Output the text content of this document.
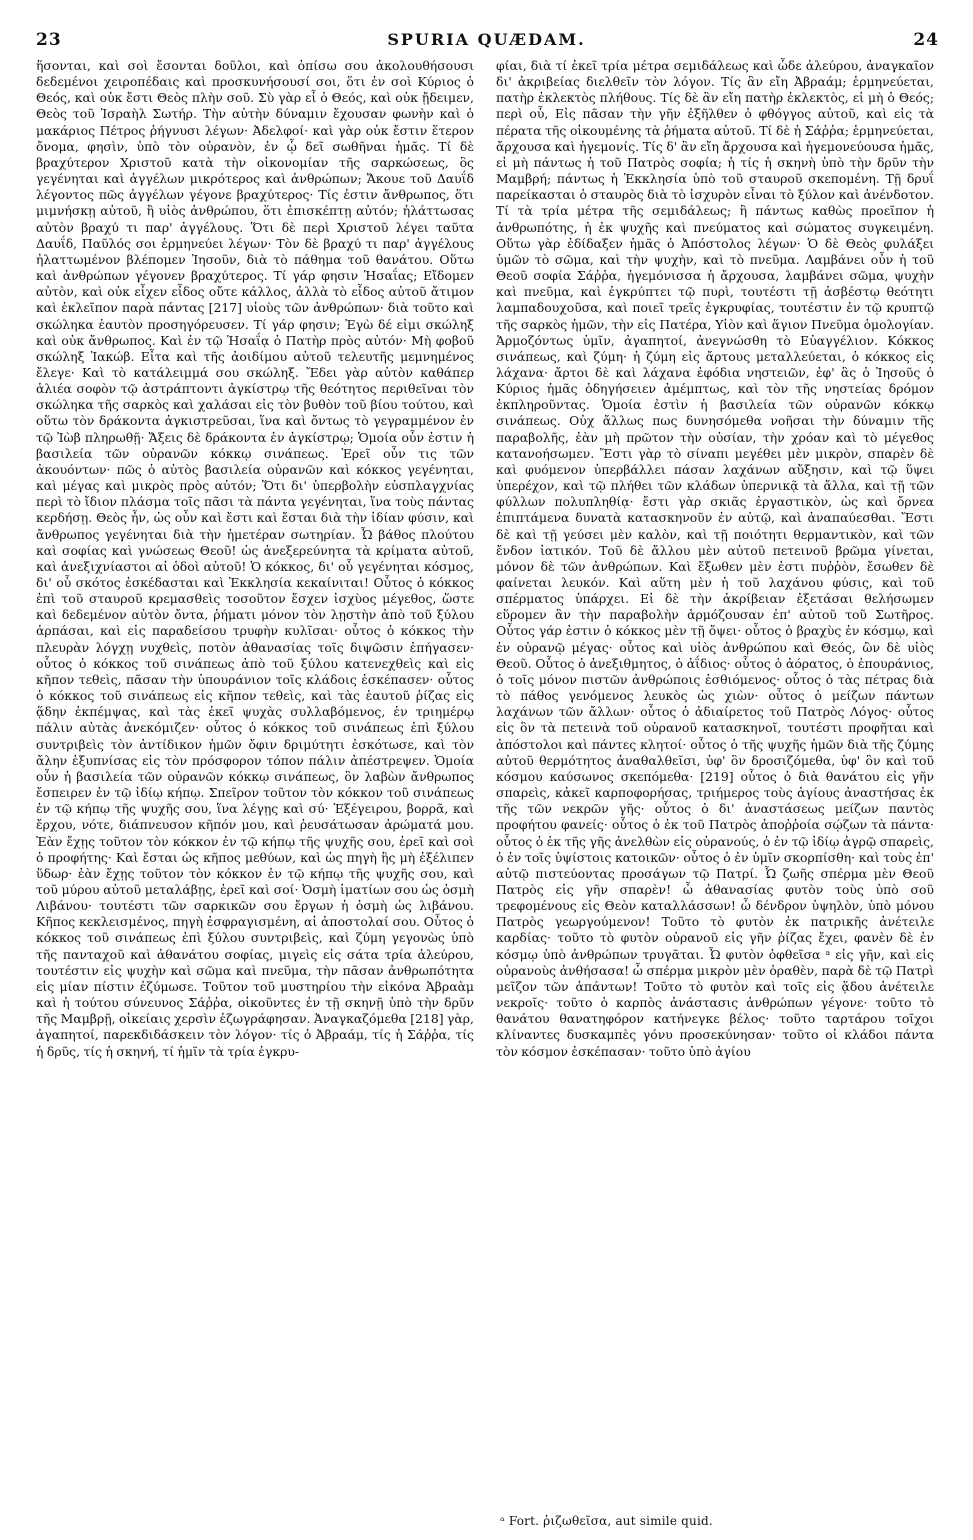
23	SPURIA QUÆDAM.	24

ἥσονται, καὶ σοὶ ἔσονται δοῦλοι, καὶ ὀπίσω σου ἀκολουθήσουσι δεδεμένοι χειροπέδαις καὶ προσκυνήσουσί σοι, ὅτι ἐν σοὶ Κύριος ὁ Θεός, καὶ οὐκ ἔστι Θεὸς πλὴν σοῦ. Σὺ γὰρ εἶ ὁ Θεός, καὶ οὐκ ᾔδειμεν, Θεὸς τοῦ Ἰσραὴλ Σωτήρ. Τὴν αὐτὴν δύναμιν ἔχουσαν φωνὴν καὶ ὁ μακάριος Πέτρος ῥήγνυσι λέγων· Ἀδελφοί· καὶ γὰρ οὐκ ἔστιν ἕτερον ὄνομα, φησὶν, ὑπὸ τὸν οὐρανὸν, ἐν ᾧ δεῖ σωθῆναι ἡμᾶς. Τί δὲ βραχύτερον Χριστοῦ κατὰ τὴν οἰκονομίαν τῆς σαρκώσεως, ὃς γεγένηται καὶ ἀγγέλων μικρότερος καὶ ἀνθρώπων; Ἄκουε τοῦ Δαυΐδ λέγοντος πῶς ἀγγέλων γέγονε βραχύτερος· Τίς ἐστιν ἄνθρωπος, ὅτι μιμνήσκῃ αὐτοῦ, ἢ υἱὸς ἀνθρώπου, ὅτι ἐπισκέπτῃ αὐτόν; ἠλάττωσας αὐτὸν βραχύ τι παρ' ἀγγέλους. Ὅτι δὲ περὶ Χριστοῦ λέγει ταῦτα Δαυΐδ, Παῦλός σοι ἑρμηνεύει λέγων· Τὸν δὲ βραχύ τι παρ' ἀγγέλους ἠλαττωμένον βλέπομεν Ἰησοῦν, διὰ τὸ πάθημα τοῦ θανάτου. Οὕτω καὶ ἀνθρώπων γέγονεν βραχύτερος. Τί γάρ φησιν Ἡσαΐας; Εἴδομεν αὐτὸν, καὶ οὐκ εἶχεν εἶδος οὔτε κάλλος, ἀλλὰ τὸ εἶδος αὐτοῦ ἄτιμον καὶ ἐκλεῖπον παρὰ πάντας [217] υἱοὺς τῶν ἀνθρώπων· διὰ τοῦτο καὶ σκώληκα ἑαυτὸν προσηγόρευσεν. Τί γάρ φησιν; Ἐγὼ δέ εἰμι σκώληξ καὶ οὐκ ἄνθρωπος. Καὶ ἐν τῷ Ἡσαΐᾳ ὁ Πατὴρ πρὸς αὐτόν· Μὴ φοβοῦ σκώληξ Ἰακώβ. Εἶτα καὶ τῆς ἀοιδίμου αὐτοῦ τελευτῆς μεμνημένος ἔλεγε· Καὶ τὸ κατάλειμμά σου σκώληξ. Ἔδει γὰρ αὐτὸν καθάπερ ἁλιέα σοφὸν τῷ ἀστράπτοντι ἀγκίστρῳ τῆς θεότητος περιθεῖναι τὸν σκώληκα τῆς σαρκὸς καὶ χαλάσαι εἰς τὸν βυθὸν τοῦ βίου τούτου, καὶ οὕτω τὸν δράκοντα ἀγκιστρεῦσαι, ἵνα καὶ ὄντως τὸ γεγραμμένον ἐν τῷ Ἰὼβ πληρωθῇ· Ἄξεις δὲ δράκοντα ἐν ἀγκίστρῳ; Ὁμοία οὖν ἐστιν ἡ βασιλεία τῶν οὐρανῶν κόκκῳ σινάπεως. Ἐρεῖ οὖν τις τῶν ἀκουόντων· πῶς ὁ αὐτὸς βασιλεία οὐρανῶν καὶ κόκκος γεγένηται, καὶ μέγας καὶ μικρὸς πρὸς αὐτόν; Ὅτι δι' ὑπερβολὴν εὐσπλαγχνίας περὶ τὸ ἴδιον πλάσμα τοῖς πᾶσι τὰ πάντα γεγένηται, ἵνα τοὺς πάντας κερδήσῃ. Θεὸς ἦν, ὡς οὖν καὶ ἔστι καὶ ἔσται διὰ τὴν ἰδίαν φύσιν, καὶ ἄνθρωπος γεγένηται διὰ τὴν ἡμετέραν σωτηρίαν. Ὦ βάθος πλούτου καὶ σοφίας καὶ γνώσεως Θεοῦ! ὡς ἀνεξερεύνητα τὰ κρίματα αὐτοῦ, καὶ ἀνεξιχνίαστοι αἱ ὁδοὶ αὐτοῦ! Ὁ κόκκος, δι' οὗ γεγένηται κόσμος, δι' οὗ σκότος ἐσκέδασται καὶ Ἐκκλησία κεκαίνιται! Οὗτος ὁ κόκκος ἐπὶ τοῦ σταυροῦ κρεμασθεὶς τοσοῦτον ἔσχεν ἰσχὺος μέγεθος, ὥστε καὶ δεδεμένον αὐτὸν ὄντα, ῥήματι μόνον τὸν λῃστὴν ἀπὸ τοῦ ξύλου ἁρπάσαι, καὶ εἰς παραδείσου τρυφὴν κυλῖσαι· οὗτος ὁ κόκκος τὴν πλευρὰν λόγχῃ νυχθεὶς, ποτὸν ἀθανασίας τοῖς διψῶσιν ἐπήγασεν· οὗτος ὁ κόκκος τοῦ σινάπεως ἀπὸ τοῦ ξύλου κατενεχθεὶς καὶ εἰς κῆπον τεθεὶς, πᾶσαν τὴν ὑπουράνιον τοῖς κλάδοις ἐσκέπασεν· οὗτος ὁ κόκκος τοῦ σινάπεως εἰς κῆπον τεθεὶς, καὶ τὰς ἑαυτοῦ ῥίζας εἰς ᾅδην ἐκπέμψας, καὶ τὰς ἐκεῖ ψυχὰς συλλαβόμενος, ἐν τριημέρῳ πάλιν αὐτὰς ἀνεκόμιζεν· οὗτος ὁ κόκκος τοῦ σινάπεως ἐπὶ ξύλου συντριβεὶς τὸν ἀντίδικον ἡμῶν ὄφιν δριμύτητι ἐσκότωσε, καὶ τὸν ἄλην ἐξυπνίσας εἰς τὸν πρόσφορον τόπον πάλιν ἀπέστρεψεν. Ὁμοία οὖν ἡ βασιλεία τῶν οὐρανῶν κόκκῳ σινάπεως, ὃν λαβὼν ἄνθρωπος ἔσπειρεν ἐν τῷ ἰδίῳ κήπῳ. Σπεῖρον τοῦτον τὸν κόκκον τοῦ σινάπεως ἐν τῷ κήπῳ τῆς ψυχῆς σου, ἵνα λέγῃς καὶ σύ· Ἐξέγειρου, βορρᾶ, καὶ ἔρχου, νότε, διάπνευσον κῆπόν μου, καὶ ῥευσάτωσαν ἀρώματά μου. Ἐὰν ἔχῃς τοῦτον τὸν κόκκον ἐν τῷ κήπῳ τῆς ψυχῆς σου, ἐρεῖ καὶ σοὶ ὁ προφήτης· Καὶ ἔσται ὡς κῆπος μεθύων, καὶ ὡς πηγὴ ἣς μὴ ἐξέλιπεν ὕδωρ· ἐὰν ἔχῃς τοῦτον τὸν κόκκον ἐν τῷ κήπῳ τῆς ψυχῆς σου, καὶ τοῦ μύρου αὐτοῦ μεταλάβῃς, ἐρεῖ καὶ σοί· Ὀσμὴ ἱματίων σου ὡς ὀσμὴ Λιβάνου· τουτέστι τῶν σαρκικῶν σου ἔργων ἡ ὀσμὴ ὡς λιβάνου. Κῆπος κεκλεισμένος, πηγὴ ἐσφραγισμένη, αἱ ἀποστολαί σου. Οὗτος ὁ κόκκος τοῦ σινάπεως ἐπὶ ξύλου συντριβεὶς, καὶ ζύμη γεγονὼς ὑπὸ τῆς πανταχοῦ καὶ ἀθανάτου σοφίας, μιγεὶς εἰς σάτα τρία ἀλεύρου, τουτέστιν εἰς ψυχὴν καὶ σῶμα καὶ πνεῦμα, τὴν πᾶσαν ἀνθρωπότητα εἰς μίαν πίστιν ἐζύμωσε. Τοῦτον τοῦ μυστηρίου τὴν εἰκόνα Ἀβραὰμ καὶ ἡ τούτου σύνευνος Σάῤῥα, οἰκοῦντες ἐν τῇ σκηνῇ ὑπὸ τὴν δρῦν τῆς Μαμβρῇ, οἰκείαις χερσὶν ἐζωγράφησαν. Ἀναγκαζόμεθα [218] γὰρ, ἀγαπητοί, παρεκδιδάσκειν τὸν λόγον· τίς ὁ Ἀβραάμ, τίς ἡ Σάῤῥα, τίς ἡ δρῦς, τίς ἡ σκηνή, τί ἡμῖν τὰ τρία ἐγκρυ-

φίαι, διὰ τί ἐκεῖ τρία μέτρα σεμιδάλεως καὶ ὧδε ἀλεύρου, ἀναγκαῖον δι' ἀκριβείας διελθεῖν τὸν λόγον. Τίς ἂν εἴη Ἀβραάμ; ἑρμηνεύεται, πατὴρ ἐκλεκτὸς πλήθους. Τίς δὲ ἂν εἴη πατὴρ ἐκλεκτὸς, εἰ μὴ ὁ Θεός; περὶ οὗ, Εἰς πᾶσαν τὴν γῆν ἐξῆλθεν ὁ φθόγγος αὐτοῦ, καὶ εἰς τὰ πέρατα τῆς οἰκουμένης τὰ ῥήματα αὐτοῦ. Τί δὲ ἡ Σάῤῥα; ἑρμηνεύεται, ἄρχουσα καὶ ἡγεμονίς. Τίς δ' ἂν εἴη ἄρχουσα καὶ ἡγεμονεύουσα ἡμᾶς, εἰ μὴ πάντως ἡ τοῦ Πατρὸς σοφία; ἡ τίς ἡ σκηνὴ ὑπὸ τὴν δρῦν τὴν Μαμβρή; πάντως ἡ Ἐκκλησία ὑπὸ τοῦ σταυροῦ σκεπομένη. Τῇ δρυΐ παρείκασται ὁ σταυρὸς διὰ τὸ ἰσχυρὸν εἶναι τὸ ξύλον καὶ ἀνένδοτον. Τί τὰ τρία μέτρα τῆς σεμιδάλεως; ἢ πάντως καθὼς προεῖπον ἡ ἀνθρωπότης, ἡ ἐκ ψυχῆς καὶ πνεύματος καὶ σώματος συγκειμένη. Οὕτω γὰρ ἐδίδαξεν ἡμᾶς ὁ Ἀπόστολος λέγων· Ὁ δὲ Θεὸς φυλάξει ὑμῶν τὸ σῶμα, καὶ τὴν ψυχὴν, καὶ τὸ πνεῦμα. Λαμβάνει οὖν ἡ τοῦ Θεοῦ σοφία Σάῤῥα, ἡγεμόνισσα ἡ ἄρχουσα, λαμβάνει σῶμα, ψυχὴν καὶ πνεῦμα, καὶ ἐγκρύπτει τῷ πυρὶ, τουτέστι τῇ ἀσβέστῳ θεότητι λαμπαδουχοῦσα, καὶ ποιεῖ τρεῖς ἐγκρυφίας, τουτέστιν ἐν τῷ κρυπτῷ τῆς σαρκὸς ἡμῶν, τὴν εἰς Πατέρα, Υἱὸν καὶ ἅγιον Πνεῦμα ὁμολογίαν. Ἁρμοζόντως ὑμῖν, ἀγαπητοί, ἀνεγνώσθη τὸ Εὐαγγέλιον. Κόκκος σινάπεως, καὶ ζύμη· ἡ ζύμη εἰς ἄρτους μεταλλεύεται, ὁ κόκκος εἰς λάχανα· ἄρτοι δὲ καὶ λάχανα ἐφόδια νηστειῶν, ἐφ' ἃς ὁ Ἰησοῦς ὁ Κύριος ἡμᾶς ὁδηγήσειεν ἀμέμπτως, καὶ τὸν τῆς νηστείας δρόμον ἐκπληροῦντας. Ὁμοία ἐστὶν ἡ βασιλεία τῶν οὐρανῶν κόκκῳ σινάπεως. Οὐχ ἄλλως πως δυνησόμεθα νοῆσαι τὴν δύναμιν τῆς παραβολῆς, ἐὰν μὴ πρῶτον τὴν οὐσίαν, τὴν χρόαν καὶ τὸ μέγεθος κατανοήσωμεν. Ἔστι γὰρ τὸ σίναπι μεγέθει μὲν μικρὸν, σπαρὲν δὲ καὶ φυόμενον ὑπερβάλλει πάσαν λαχάνων αὔξησιν, καὶ τῷ ὕψει ὑπερέχον, καὶ τῷ πλήθει τῶν κλάδων ὑπερνικᾷ τὰ ἄλλα, καὶ τῇ τῶν φύλλων πολυπληθίᾳ· ἔστι γὰρ σκιᾶς ἐργαστικὸν, ὡς καὶ ὄρνεα ἐπιπτάμενα δυνατὰ κατασκηνοῦν ἐν αὐτῷ, καὶ ἀναπαύεσθαι. Ἔστι δὲ καὶ τῇ γεύσει μὲν καλὸν, καὶ τῇ ποιότητι θερμαντικὸν, καὶ τῶν ἔνδον ἰατικόν. Τοῦ δὲ ἄλλου μὲν αὐτοῦ πετεινοῦ βρῶμα γίνεται, μόνον δὲ τῶν ἀνθρώπων. Καὶ ἔξωθεν μὲν ἐστι πυῤῥὸν, ἔσωθεν δὲ φαίνεται λευκόν. Καὶ αὕτη μὲν ἡ τοῦ λαχάνου φύσις, καὶ τοῦ σπέρματος ὑπάρχει. Εἰ δὲ τὴν ἀκρίβειαν ἐξετάσαι θελήσωμεν εὕρομεν ἂν τὴν παραβολὴν ἁρμόζουσαν ἐπ' αὐτοῦ τοῦ Σωτῆρος. Οὗτος γάρ ἐστιν ὁ κόκκος μὲν τῇ ὄψει· οὗτος ὁ βραχὺς ἐν κόσμῳ, καὶ ἐν οὐρανῷ μέγας· οὗτος καὶ υἱὸς ἀνθρώπου καὶ Θεός, ὢν δὲ υἱὸς Θεοῦ. Οὗτος ὁ ἀνεξιθμητος, ὁ ἀΐδιος· οὗτος ὁ ἀόρατος, ὁ ἐπουράνιος, ὁ τοῖς μόνον πιστῶν ἀνθρώποις ἐσθιόμενος· οὗτος ὁ τὰς πέτρας διὰ τὸ πάθος γενόμενος λευκὸς ὡς χιὼν· οὗτος ὁ μείζων πάντων λαχάνων τῶν ἄλλων· οὗτος ὁ ἀδιαίρετος τοῦ Πατρὸς Λόγος· οὗτος εἰς ὃν τὰ πετεινὰ τοῦ οὐρανοῦ κατασκηνοῖ, τουτέστι προφῆται καὶ ἀπόστολοι καὶ πάντες κλητοί· οὗτος ὁ τῆς ψυχῆς ἡμῶν διὰ τῆς ζύμης αὐτοῦ θερμότητος ἀναθαλθεῖσι, ὑφ' ὃν δροσιζόμεθα, ὑφ' ὃν καὶ τοῦ κόσμου καύσωνος σκεπόμεθα· [219] οὗτος ὁ διὰ θανάτου εἰς γῆν σπαρεὶς, κἀκεῖ καρποφορήσας, τριήμερος τοὺς ἁγίους ἀναστήσας ἐκ τῆς τῶν νεκρῶν γῆς· οὗτος ὁ δι' ἀναστάσεως μείζων παντὸς προφήτου φανείς· οὗτος ὁ ἐκ τοῦ Πατρὸς ἀποῤῥοία σῴζων τὰ πάντα· οὗτος ὁ ἐκ τῆς γῆς ἀνελθὼν εἰς οὐρανούς, ὁ ἐν τῷ ἰδίῳ ἀγρῷ σπαρεὶς, ὁ ἐν τοῖς ὑψίστοις κατοικῶν· οὗτος ὁ ἐν ὑμῖν σκορπίσθη· καὶ τοὺς ἐπ' αὐτῷ πιστεύοντας προσάγων τῷ Πατρί. Ὦ ζωῆς σπέρμα μὲν Θεοῦ Πατρὸς εἰς γῆν σπαρὲν! ὦ ἀθανασίας φυτὸν τοὺς ὑπὸ σοῦ τρεφομένους εἰς Θεὸν καταλλάσσων! ὦ δένδρον ὑψηλὸν, ὑπὸ μόνου Πατρὸς γεωργούμενον! Τοῦτο τὸ φυτὸν ἐκ πατρικῆς ἀνέτειλε καρδίας· τοῦτο τὸ φυτὸν οὐρανοῦ εἰς γῆν ῥίζας ἔχει, φανὲν δὲ ἐν κόσμῳ ὑπὸ ἀνθρώπων τρυγᾶται. Ὦ φυτὸν ὀφθεῖσα ᵃ εἰς γῆν, καὶ εἰς οὐρανοὺς ἀνθήσασα! ὦ σπέρμα μικρὸν μὲν ὁραθὲν, παρὰ δὲ τῷ Πατρὶ μεῖζον τῶν ἁπάντων! Τοῦτο τὸ φυτὸν καὶ τοῖς εἰς ᾅδου ἀνέτειλε νεκροῖς· τοῦτο ὁ καρπὸς ἀνάστασις ἀνθρώπων γέγονε· τοῦτο τὸ θανάτου θανατηφόρον κατήνεγκε βέλος· τοῦτο ταρτάρου τοῖχοι κλίναντες δυσκαμπὲς γόνυ προσεκύνησαν· τοῦτο οἱ κλάδοι πάντα τὸν κόσμον ἐσκέπασαν· τοῦτο ὑπὸ ἁγίου

ᵃ Fort. ῥιζωθεῖσα, aut simile quid.
